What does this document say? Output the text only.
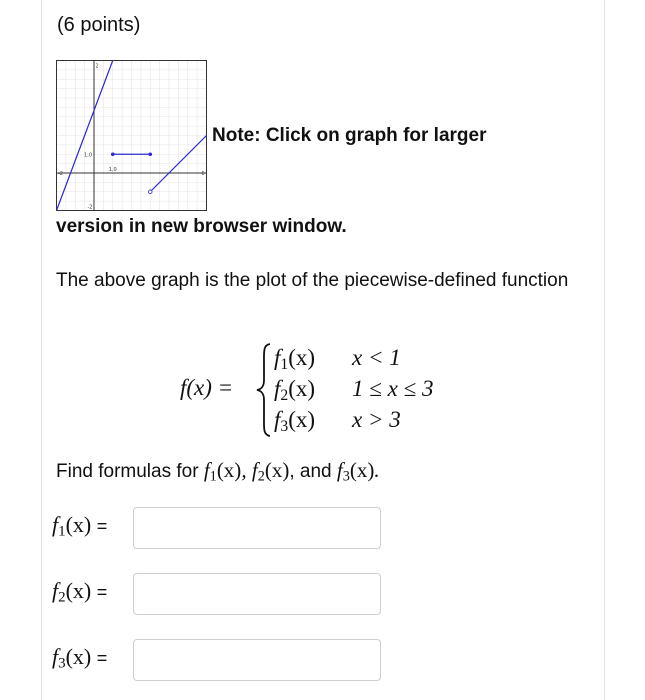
(6 points)
2
1,0
1,0
-2
-2
6
Note: Click on graph for larger
version in new browser window.
The above graph is the plot of the piecewise-defined function
f(x) =
$f_1(x) x < 1$
$f_2(x) 1 \le x \le 3$
$f_3(x) x > 3$
Find formulas for $f_1(x)$, $f_2(x)$, and $f_3(x)$.
$f_1(x)$ =
$f_2(x)$ =
$f_3(x)$ =
